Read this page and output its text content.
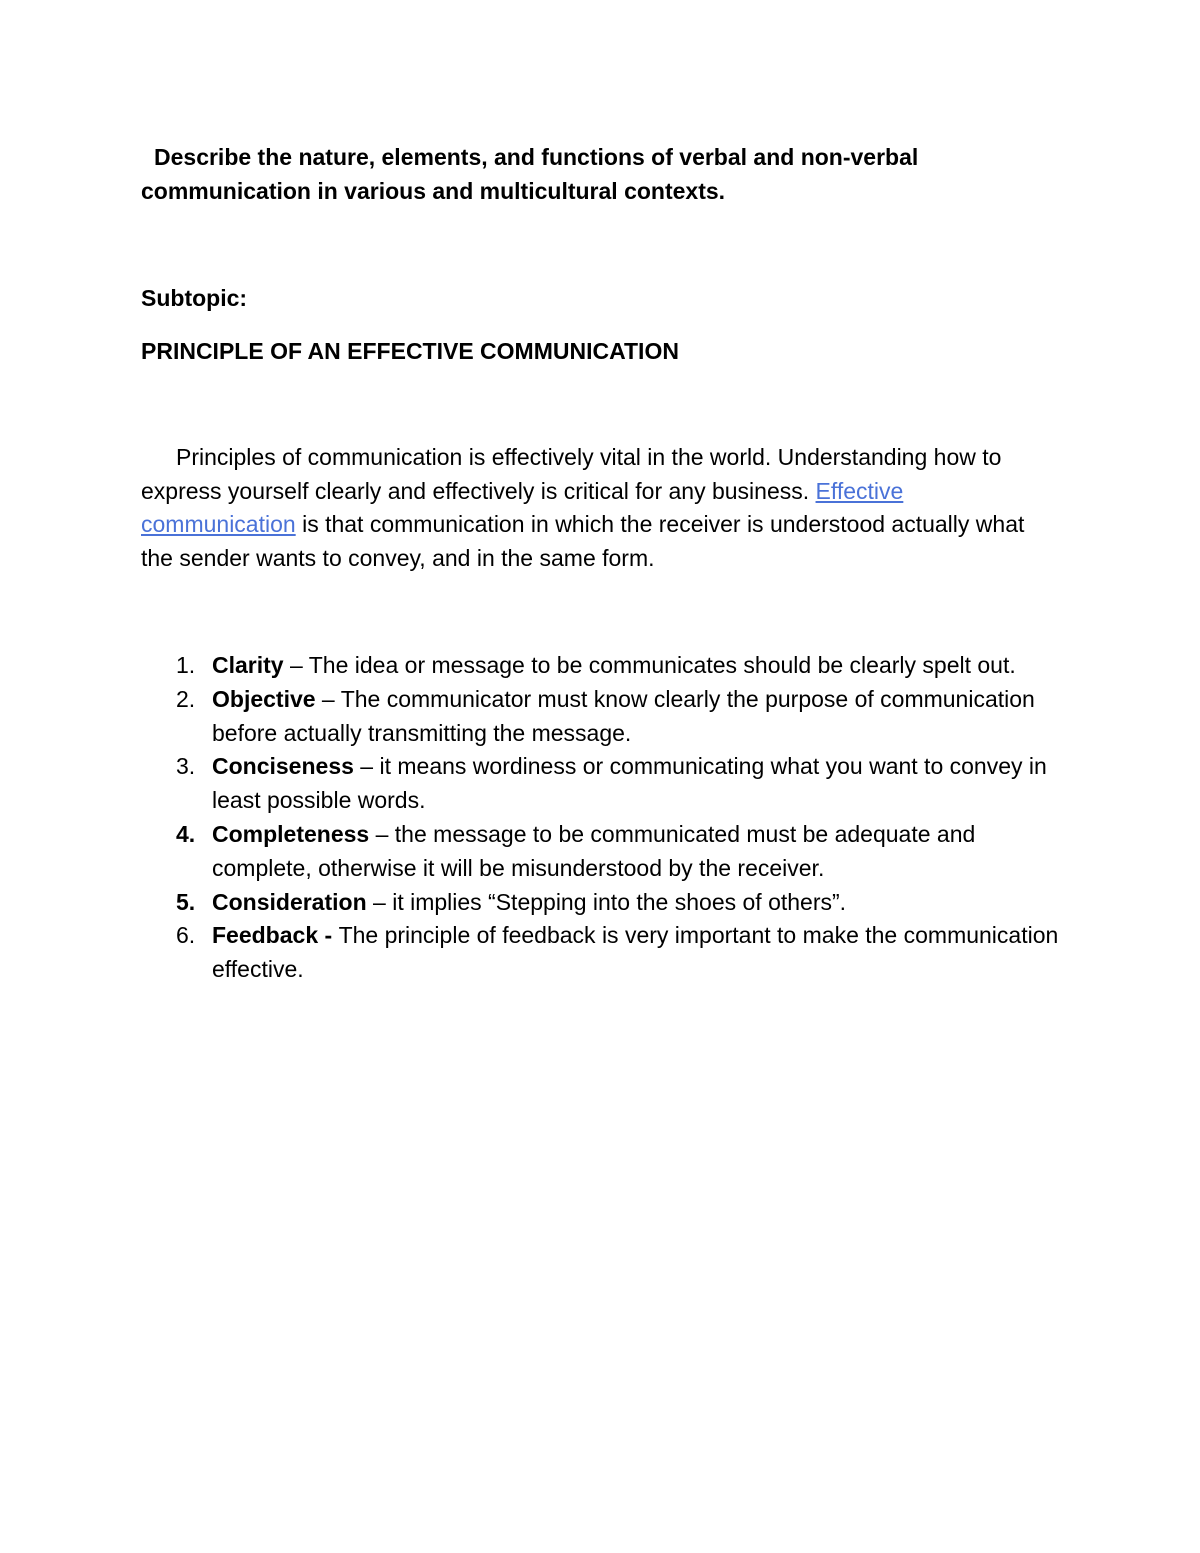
Describe the nature, elements, and functions of verbal and non-verbal communication in various and multicultural contexts.

Subtopic:

PRINCIPLE OF AN EFFECTIVE COMMUNICATION

Principles of communication is effectively vital in the world. Understanding how to express yourself clearly and effectively is critical for any business. Effective communication is that communication in which the receiver is understood actually what the sender wants to convey, and in the same form.

1. Clarity – The idea or message to be communicates should be clearly spelt out.
2. Objective – The communicator must know clearly the purpose of communication before actually transmitting the message.
3. Conciseness – it means wordiness or communicating what you want to convey in least possible words.
4. Completeness – the message to be communicated must be adequate and complete, otherwise it will be misunderstood by the receiver.
5. Consideration – it implies “Stepping into the shoes of others”.
6. Feedback - The principle of feedback is very important to make the communication effective.
